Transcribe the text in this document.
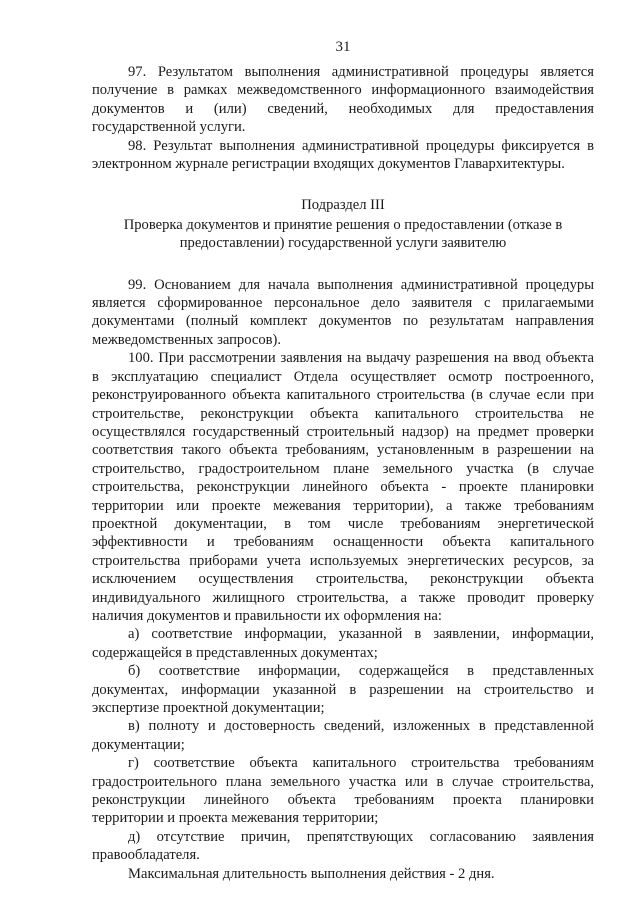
31

97. Результатом выполнения административной процедуры является получение в рамках межведомственного информационного взаимодействия документов и (или) сведений, необходимых для предоставления государственной услуги.

98. Результат выполнения административной процедуры фиксируется в электронном журнале регистрации входящих документов Главархитектуры.

Подраздел III

Проверка документов и принятие решения о предоставлении (отказе в предоставлении) государственной услуги заявителю

99. Основанием для начала выполнения административной процедуры является сформированное персональное дело заявителя с прилагаемыми документами (полный комплект документов по результатам направления межведомственных запросов).

100. При рассмотрении заявления на выдачу разрешения на ввод объекта в эксплуатацию специалист Отдела осуществляет осмотр построенного, реконструированного объекта капитального строительства (в случае если при строительстве, реконструкции объекта капитального строительства не осуществлялся государственный строительный надзор) на предмет проверки соответствия такого объекта требованиям, установленным в разрешении на строительство, градостроительном плане земельного участка (в случае строительства, реконструкции линейного объекта - проекте планировки территории или проекте межевания территории), а также требованиям проектной документации, в том числе требованиям энергетической эффективности и требованиям оснащенности объекта капитального строительства приборами учета используемых энергетических ресурсов, за исключением осуществления строительства, реконструкции объекта индивидуального жилищного строительства, а также проводит проверку наличия документов и правильности их оформления на:

а) соответствие информации, указанной в заявлении, информации, содержащейся в представленных документах;

б) соответствие информации, содержащейся в представленных документах, информации указанной в разрешении на строительство и экспертизе проектной документации;

в) полноту и достоверность сведений, изложенных в представленной документации;

г) соответствие объекта капитального строительства требованиям градостроительного плана земельного участка или в случае строительства, реконструкции линейного объекта требованиям проекта планировки территории и проекта межевания территории;

д) отсутствие причин, препятствующих согласованию заявления правообладателя.

Максимальная длительность выполнения действия - 2 дня.
